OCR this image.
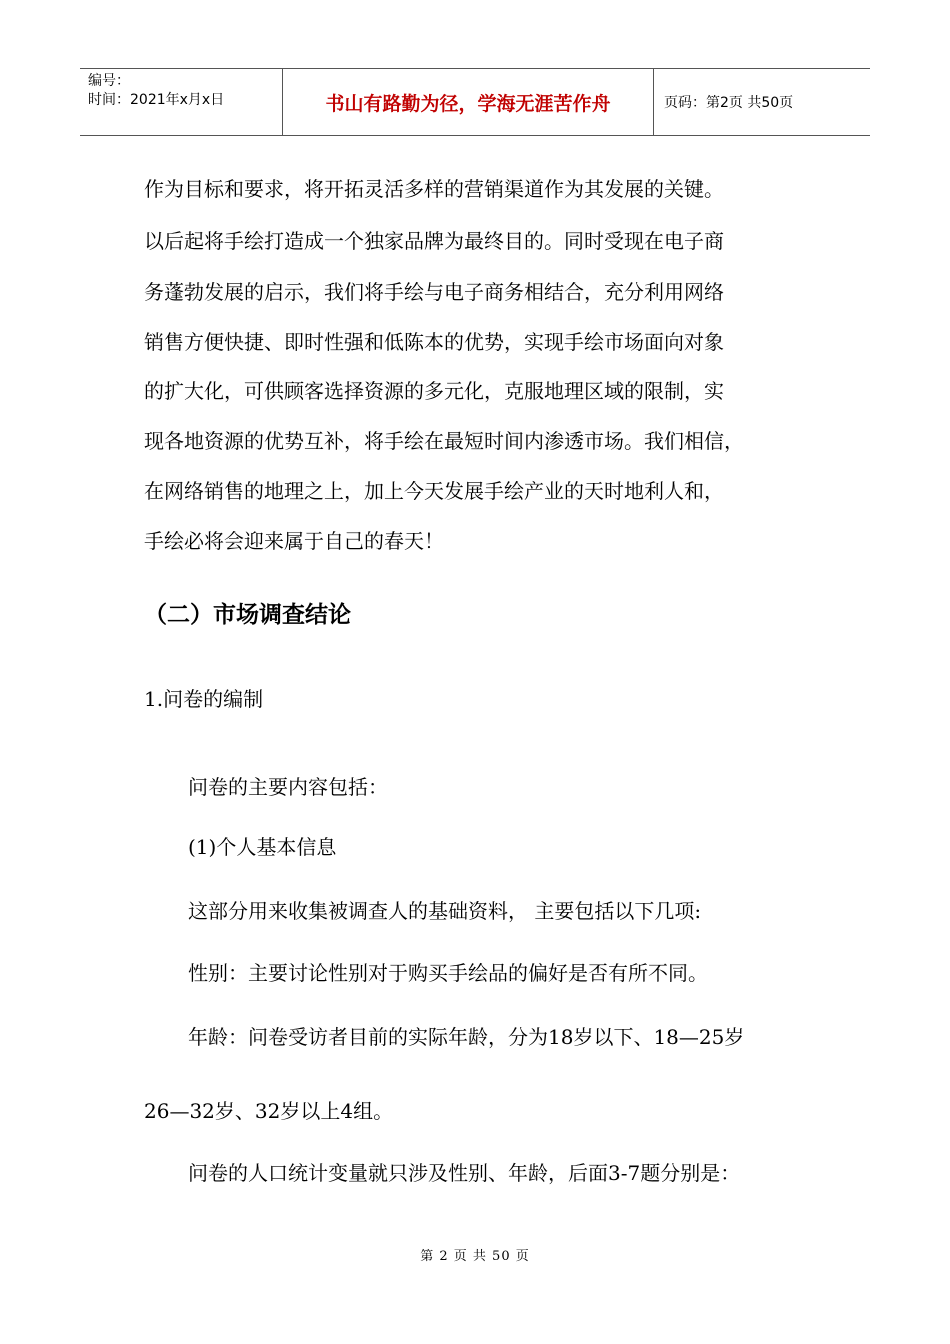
编号：
时间：2021年x月x日	书山有路勤为径，学海无涯苦作舟	页码：第2页 共50页
作为目标和要求，将开拓灵活多样的营销渠道作为其发展的关键。
以后起将手绘打造成一个独家品牌为最终目的。同时受现在电子商
务蓬勃发展的启示，我们将手绘与电子商务相结合，充分利用网络
销售方便快捷、即时性强和低陈本的优势，实现手绘市场面向对象
的扩大化，可供顾客选择资源的多元化，克服地理区域的限制，实
现各地资源的优势互补，将手绘在最短时间内渗透市场。我们相信，
在网络销售的地理之上，加上今天发展手绘产业的天时地利人和，
手绘必将会迎来属于自己的春天！
（二）市场调查结论
1.问卷的编制
问卷的主要内容包括：
(1)个人基本信息
这部分用来收集被调查人的基础资料， 主要包括以下几项:
性别：主要讨论性别对于购买手绘品的偏好是否有所不同。
年龄：问卷受访者目前的实际年龄，分为18岁以下、18—25岁
26—32岁、32岁以上4组。
问卷的人口统计变量就只涉及性别、年龄，后面3-7题分别是：
第 2 页 共 50 页
